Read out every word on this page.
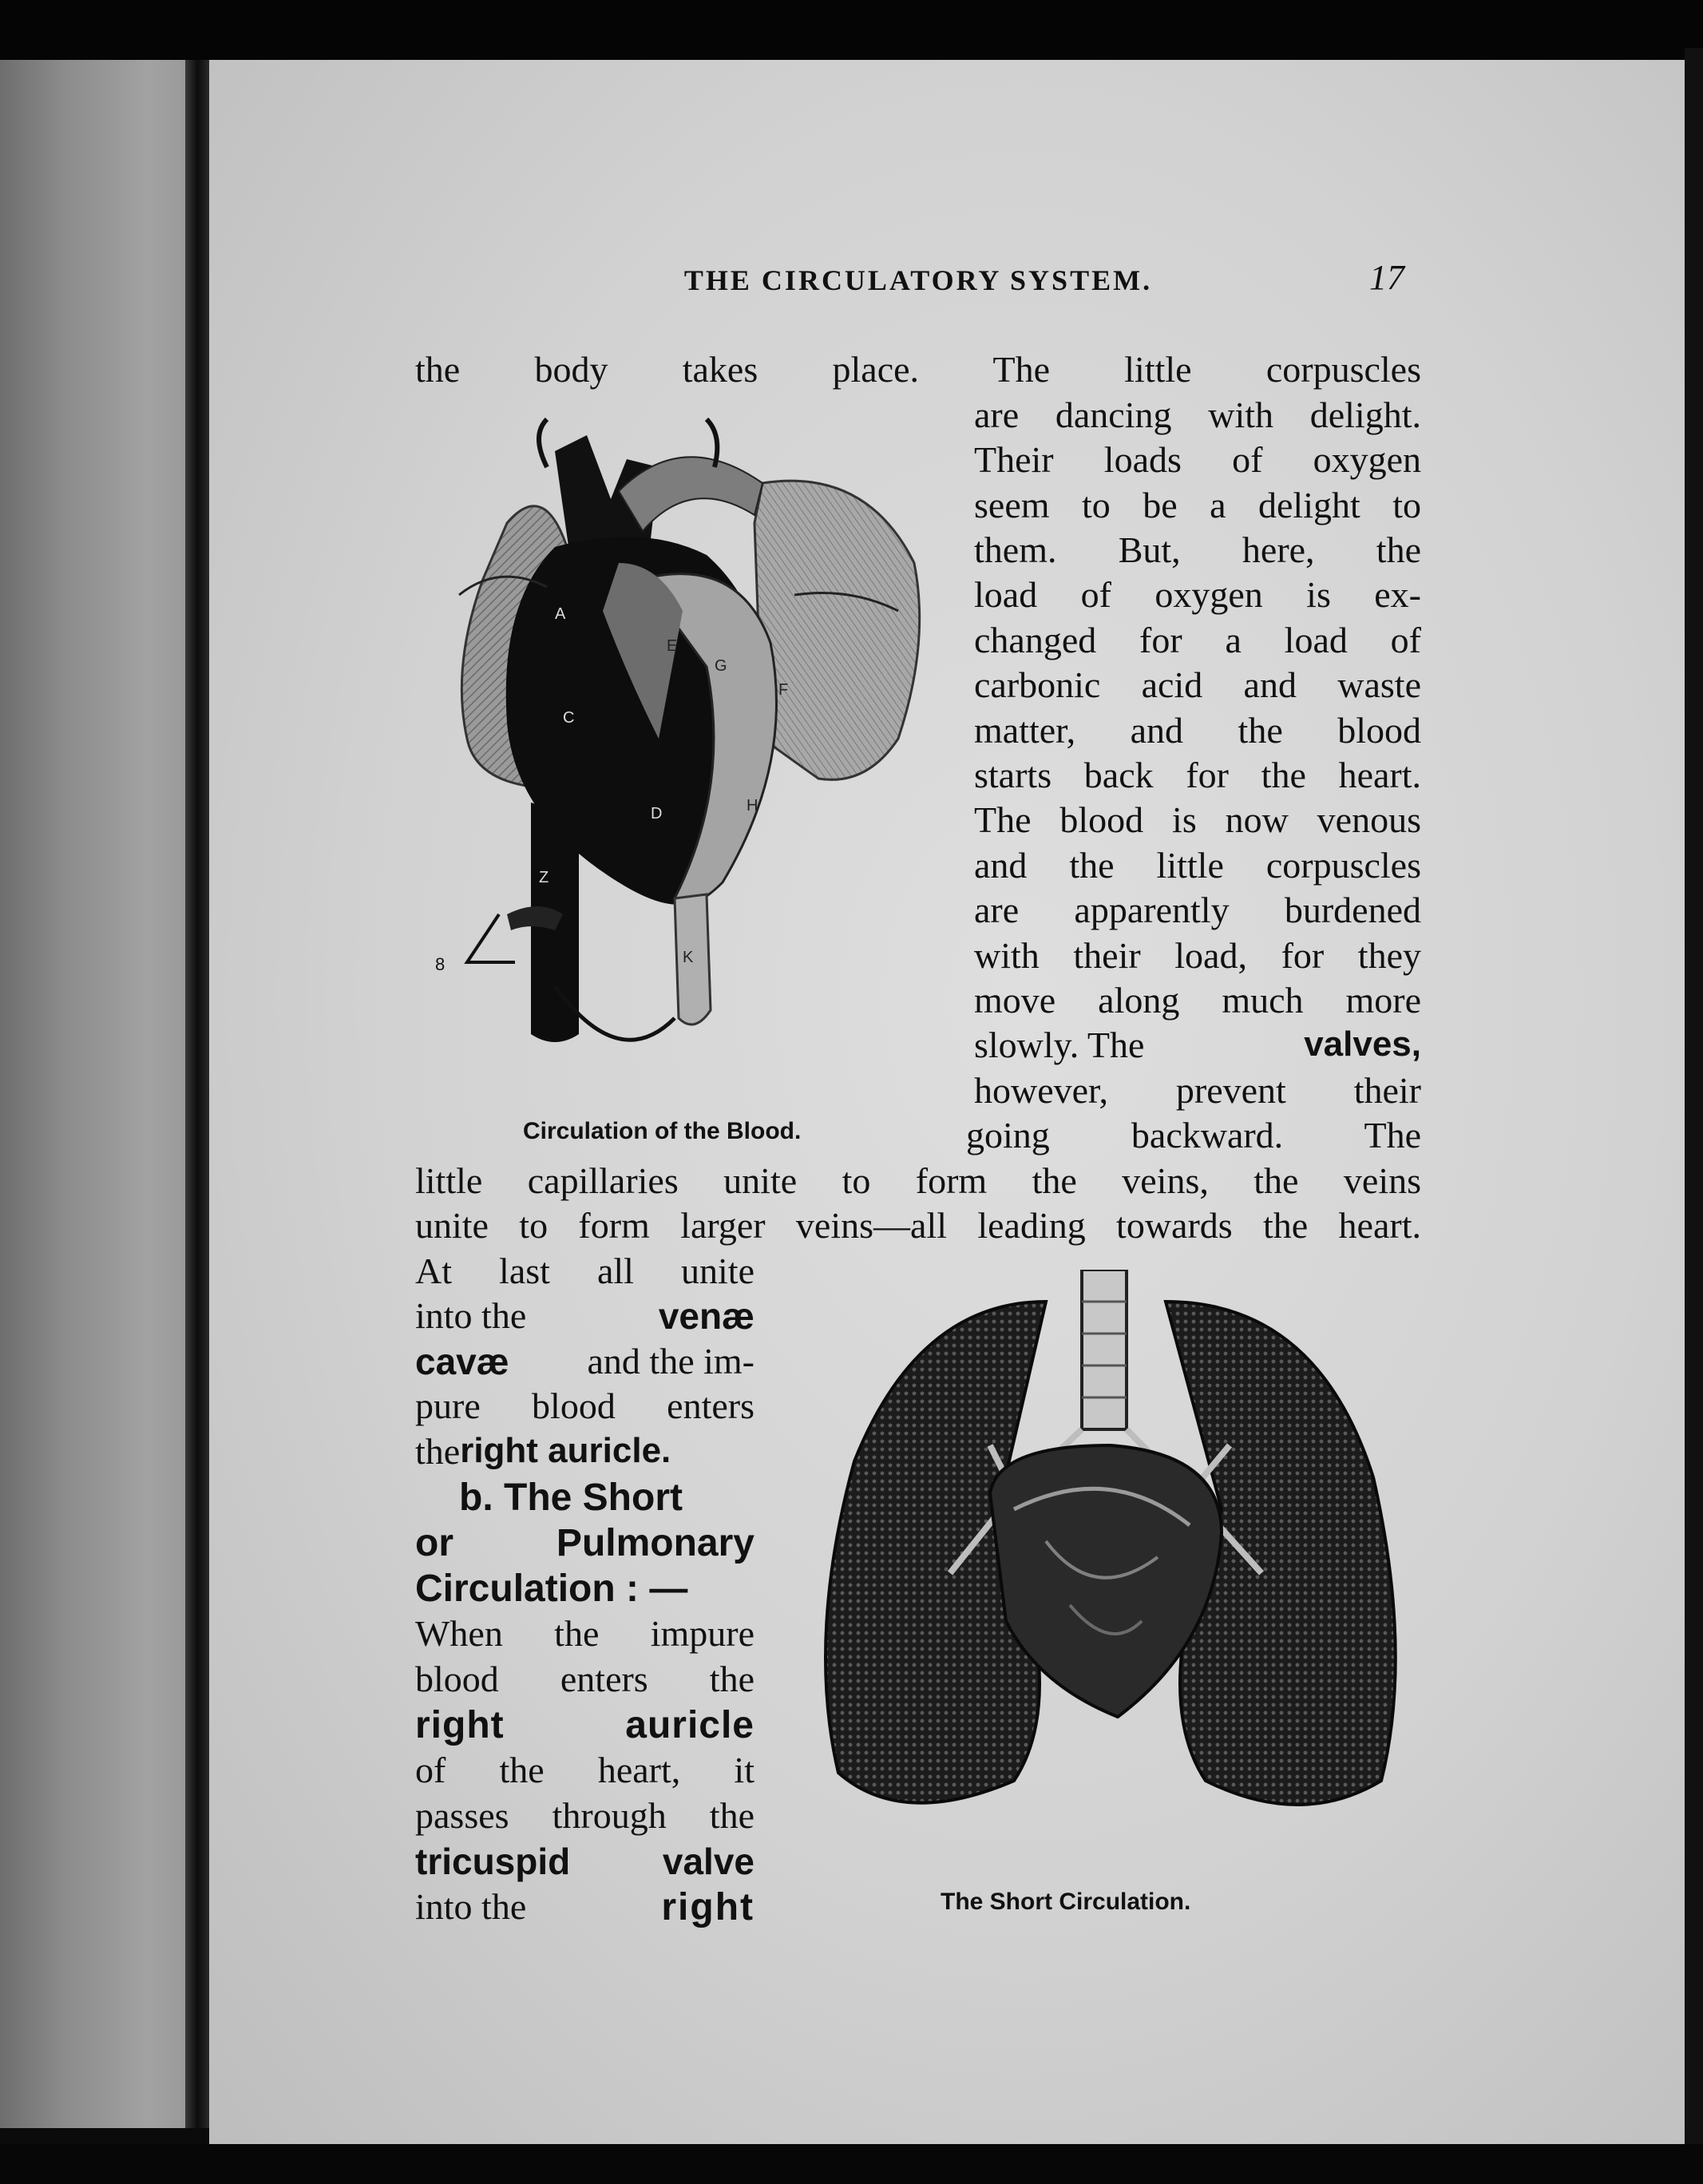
THE CIRCULATORY SYSTEM.	17
the body takes place. The little corpuscles
are dancing with delight.
Their loads of oxygen
seem to be a delight to
them. But, here, the
load of oxygen is ex-
changed for a load of
carbonic acid and waste
matter, and the blood
starts back for the heart.
The blood is now venous
and the little corpuscles
are apparently burdened
with their load, for they
move along much more
slowly. The	valves,
however, prevent their
going backward. The
little capillaries unite to form the veins, the veins
unite to form larger veins—all leading towards the heart.
At last all unite
into the	venæ
cavæ and the im-
pure blood enters
the right auricle.
b. The Short
or Pulmonary
Circulation : —
When the impure
blood enters the
right auricle
of the heart, it
passes through the
tricuspid valve
into the	right
A
E
G
F
C
D	H
Z
K
8
Circulation of the Blood.
The Short Circulation.
